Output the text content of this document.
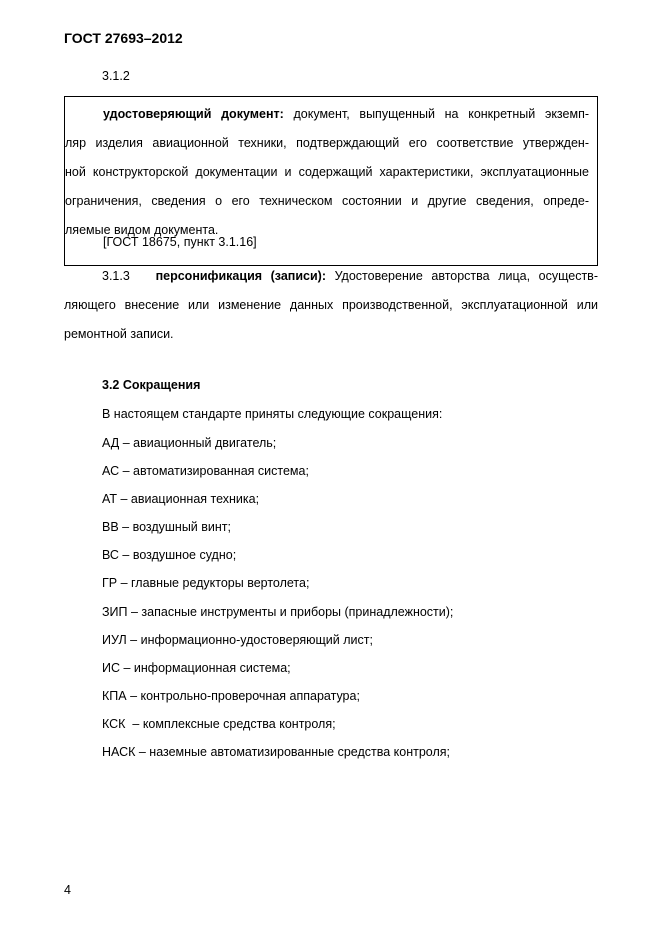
ГОСТ 27693–2012
3.1.2
удостоверяющий документ: документ, выпущенный на конкретный экземп-
ляр изделия авиационной техники, подтверждающий его соответствие утвержден-
ной конструкторской документации и содержащий характеристики, эксплуатационные
ограничения, сведения о его техническом состоянии и другие сведения, опреде-
ляемые видом документа.
[ГОСТ 18675, пункт 3.1.16]
3.1.3 персонификация (записи): Удостоверение авторства лица, осуществ-
ляющего внесение или изменение данных производственной, эксплуатационной или
ремонтной записи.
3.2 Сокращения
В настоящем стандарте приняты следующие сокращения:
АД – авиационный двигатель;
АС – автоматизированная система;
АТ – авиационная техника;
ВВ – воздушный винт;
ВС – воздушное судно;
ГР – главные редукторы вертолета;
ЗИП – запасные инструменты и приборы (принадлежности);
ИУЛ – информационно-удостоверяющий лист;
ИС – информационная система;
КПА – контрольно-проверочная аппаратура;
КСК  – комплексные средства контроля;
НАСК – наземные автоматизированные средства контроля;
4
